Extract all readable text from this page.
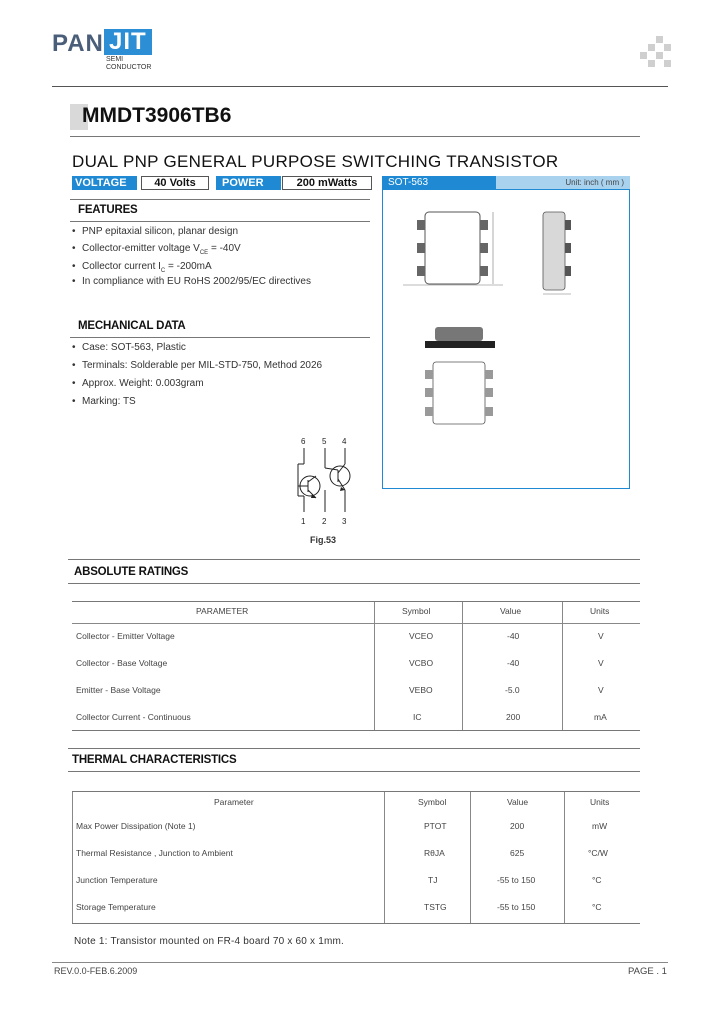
PAN JIT
SEMI
CONDUCTOR
MMDT3906TB6
DUAL PNP GENERAL PURPOSE SWITCHING TRANSISTOR
VOLTAGE	40 Volts	POWER	200 mWatts	SOT-563	Unit: inch ( mm )
FEATURES
• PNP epitaxial silicon, planar design
• Collector-emitter voltage $V_{CE} = -40V$
• Collector current $I_C = -200mA$
• In compliance with EU RoHS 2002/95/EC directives
MECHANICAL DATA
• Case: SOT-563, Plastic
• Terminals: Solderable per MIL-STD-750, Method 2026
• Approx. Weight: 0.003gram
• Marking: TS
6 5 4
1 2 3
Fig.53
ABSOLUTE RATINGS
PARAMETER	Symbol	Value	Units
Collector - Emitter Voltage	VCEO	-40	V
Collector - Base Voltage	VCBO	-40	V
Emitter - Base Voltage	VEBO	-5.0	V
Collector Current - Continuous	IC	200	mA
THERMAL CHARACTERISTICS
Parameter	Symbol	Value	Units
Max Power Dissipation (Note 1)	PTOT	200	mW
Thermal Resistance , Junction to Ambient	RθJA	625	°C/W
Junction Temperature	TJ	-55 to 150	°C
Storage Temperature	TSTG	-55 to 150	°C
Note 1: Transistor mounted on FR-4 board 70 x 60 x 1mm.
REV.0.0-FEB.6.2009	PAGE . 1
